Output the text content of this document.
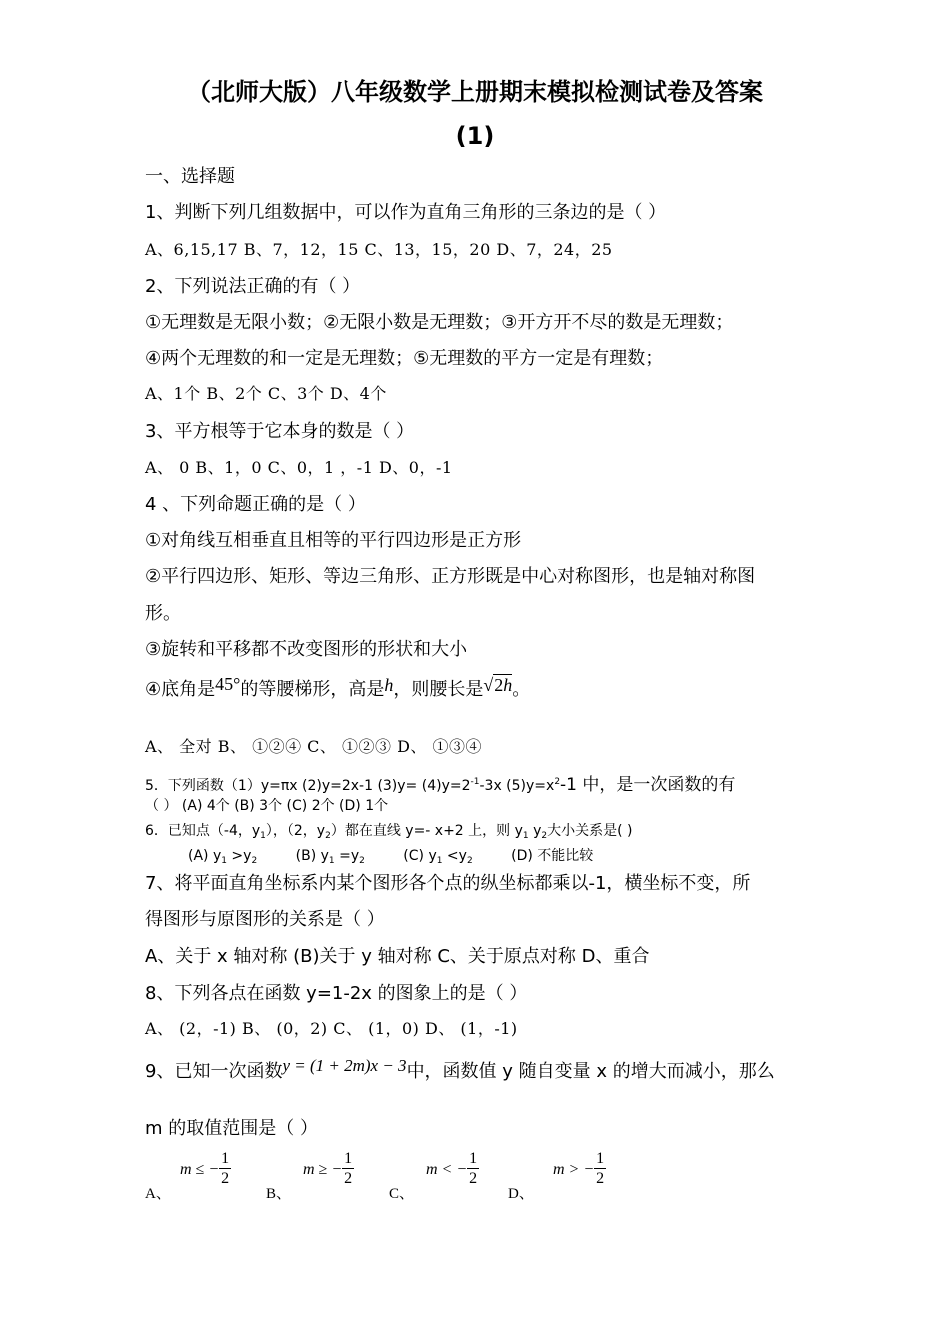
（北师大版）八年级数学上册期末模拟检测试卷及答案
(1)
一、选择题
1、判断下列几组数据中，可以作为直角三角形的三条边的是（ ）
A、6,15,17 B、7，12，15 C、13，15，20 D、7，24，25
2、下列说法正确的有（ ）
①无理数是无限小数；②无限小数是无理数；③开方开不尽的数是无理数；
④两个无理数的和一定是无理数；⑤无理数的平方一定是有理数；
A、1个 B、2个 C、3个 D、4个
3、平方根等于它本身的数是（ ）
A、 0 B、1，0 C、0，1 ，-1 D、0，-1
4 、下列命题正确的是（ ）
①对角线互相垂直且相等的平行四边形是正方形
②平行四边形、矩形、等边三角形、正方形既是中心对称图形，也是轴对称图
形。
③旋转和平移都不改变图形的形状和大小
④底角是45°的等腰梯形，高是h，则腰长是√2h。
A、 全对 B、 ①②④ C、 ①②③ D、 ①③④
5．下列函数（1）y=πx (2)y=2x-1 $(3)y= (4)y=2^{-1}-3x$ $(5)y=x^2-1$ 中，是一次函数的有
（ ） (A) 4个 (B) 3个 (C) 2个 (D) 1个
6．已知点（-4，$y_1$），（2，$y_2$）都在直线 y=- x+2 上，则 $y_1$ $y_2$大小关系是( )
(A) $y_1 >y_2$	(B) $y_1 =y_2$	(C) $y_1 <y_2$	(D) 不能比较
7、将平面直角坐标系内某个图形各个点的纵坐标都乘以-1，横坐标不变，所
得图形与原图形的关系是（ ）
A、关于 x 轴对称 (B)关于 y 轴对称 C、关于原点对称 D、重合
8、下列各点在函数 y=1-2x 的图象上的是（ ）
A、 (2，-1) B、 (0，2) C、 (1，0) D、 (1，-1)
9、已知一次函数y = (1 + 2m)x − 3中，函数值 y 随自变量 x 的增大而减小，那么
m 的取值范围是（ ）
A、
m ≤ − $\frac{1}{2}$
B、
m ≥ − $\frac{1}{2}$
C、
m < − $\frac{1}{2}$
D、
m > − $\frac{1}{2}$
